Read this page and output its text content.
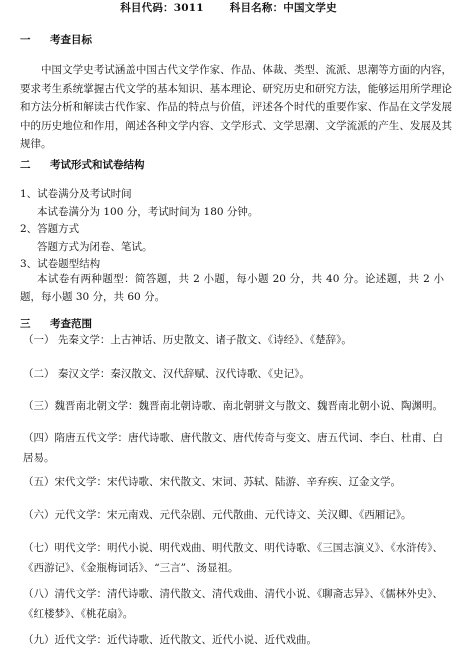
科目代码：3011 科目名称：中国文学史
一 考查目标
中国文学史考试涵盖中国古代文学作家、作品、体裁、类型、流派、思潮等方面的内容，要求考生系统掌握古代文学的基本知识、基本理论、研究历史和研究方法，能够运用所学理论和方法分析和解读古代作家、作品的特点与价值，评述各个时代的重要作家、作品在文学发展中的历史地位和作用，阐述各种文学内容、文学形式、文学思潮、文学流派的产生、发展及其规律。
二 考试形式和试卷结构
1、试卷满分及考试时间
本试卷满分为 100 分，考试时间为 180 分钟。
2、答题方式
答题方式为闭卷、笔试。
3、试卷题型结构
本试卷有两种题型：简答题，共 2 小题，每小题 20 分，共 40 分。论述题，共 2 小题，每小题 30 分，共 60 分。
三 考查范围
（一） 先秦文学：上古神话、历史散文、诸子散文、《诗经》、《楚辞》。
（二） 秦汉文学：秦汉散文、汉代辞赋、汉代诗歌、《史记》。
（三）魏晋南北朝文学：魏晋南北朝诗歌、南北朝骈文与散文、魏晋南北朝小说、陶渊明。
（四）隋唐五代文学：唐代诗歌、唐代散文、唐代传奇与变文、唐五代词、李白、杜甫、白居易。
（五）宋代文学：宋代诗歌、宋代散文、宋词、苏轼、陆游、辛弃疾、辽金文学。
（六）元代文学：宋元南戏、元代杂剧、元代散曲、元代诗文、关汉卿、《西厢记》。
（七）明代文学：明代小说、明代戏曲、明代散文、明代诗歌、《三国志演义》、《水浒传》、《西游记》、《金瓶梅词话》、“三言”、汤显祖。
（八）清代文学：清代诗歌、清代散文、清代戏曲、清代小说、《聊斋志异》、《儒林外史》、《红楼梦》、《桃花扇》。
（九）近代文学：近代诗歌、近代散文、近代小说、近代戏曲。
